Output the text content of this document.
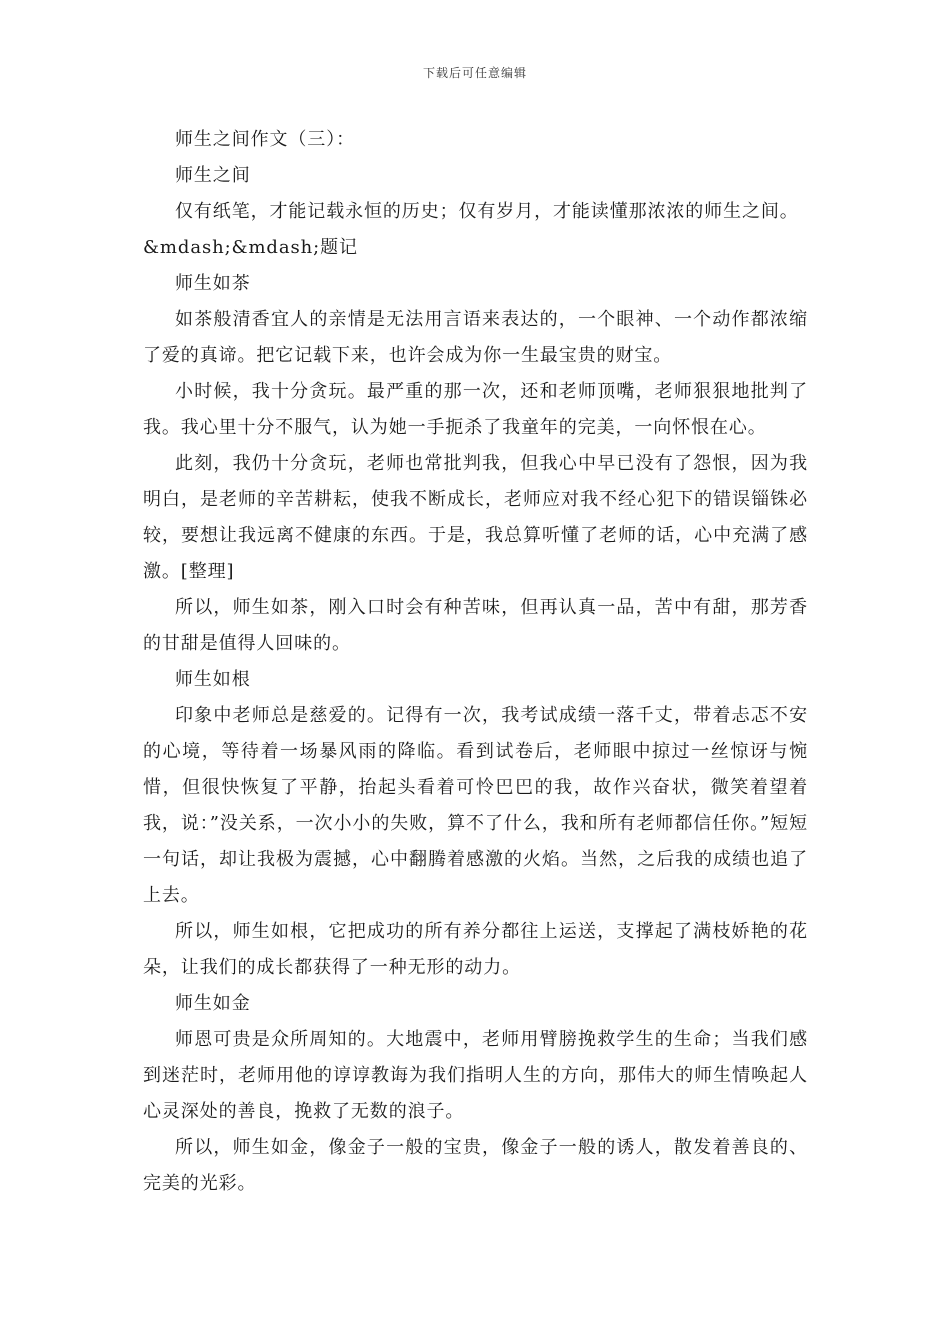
下载后可任意编辑

师生之间作文（三）：

师生之间

仅有纸笔，才能记载永恒的历史；仅有岁月，才能读懂那浓浓的师生之间。

&mdash;&mdash;题记

师生如茶

如茶般清香宜人的亲情是无法用言语来表达的，一个眼神、一个动作都浓缩了爱的真谛。把它记载下来，也许会成为你一生最宝贵的财宝。

小时候，我十分贪玩。最严重的那一次，还和老师顶嘴，老师狠狠地批判了我。我心里十分不服气，认为她一手扼杀了我童年的完美，一向怀恨在心。

此刻，我仍十分贪玩，老师也常批判我，但我心中早已没有了怨恨，因为我明白，是老师的辛苦耕耘，使我不断成长，老师应对我不经心犯下的错误锱铢必较，要想让我远离不健康的东西。于是，我总算听懂了老师的话，心中充满了感激。[整理]

所以，师生如茶，刚入口时会有种苦味，但再认真一品，苦中有甜，那芳香的甘甜是值得人回味的。

师生如根

印象中老师总是慈爱的。记得有一次，我考试成绩一落千丈，带着忐忑不安的心境，等待着一场暴风雨的降临。看到试卷后，老师眼中掠过一丝惊讶与惋惜，但很快恢复了平静，抬起头看着可怜巴巴的我，故作兴奋状，微笑着望着我，说：”没关系，一次小小的失败，算不了什么，我和所有老师都信任你。”短短一句话，却让我极为震撼，心中翻腾着感激的火焰。当然，之后我的成绩也追了上去。

所以，师生如根，它把成功的所有养分都往上运送，支撑起了满枝娇艳的花朵，让我们的成长都获得了一种无形的动力。

师生如金

师恩可贵是众所周知的。大地震中，老师用臂膀挽救学生的生命；当我们感到迷茫时，老师用他的谆谆教诲为我们指明人生的方向，那伟大的师生情唤起人心灵深处的善良，挽救了无数的浪子。

所以，师生如金，像金子一般的宝贵，像金子一般的诱人，散发着善良的、完美的光彩。
